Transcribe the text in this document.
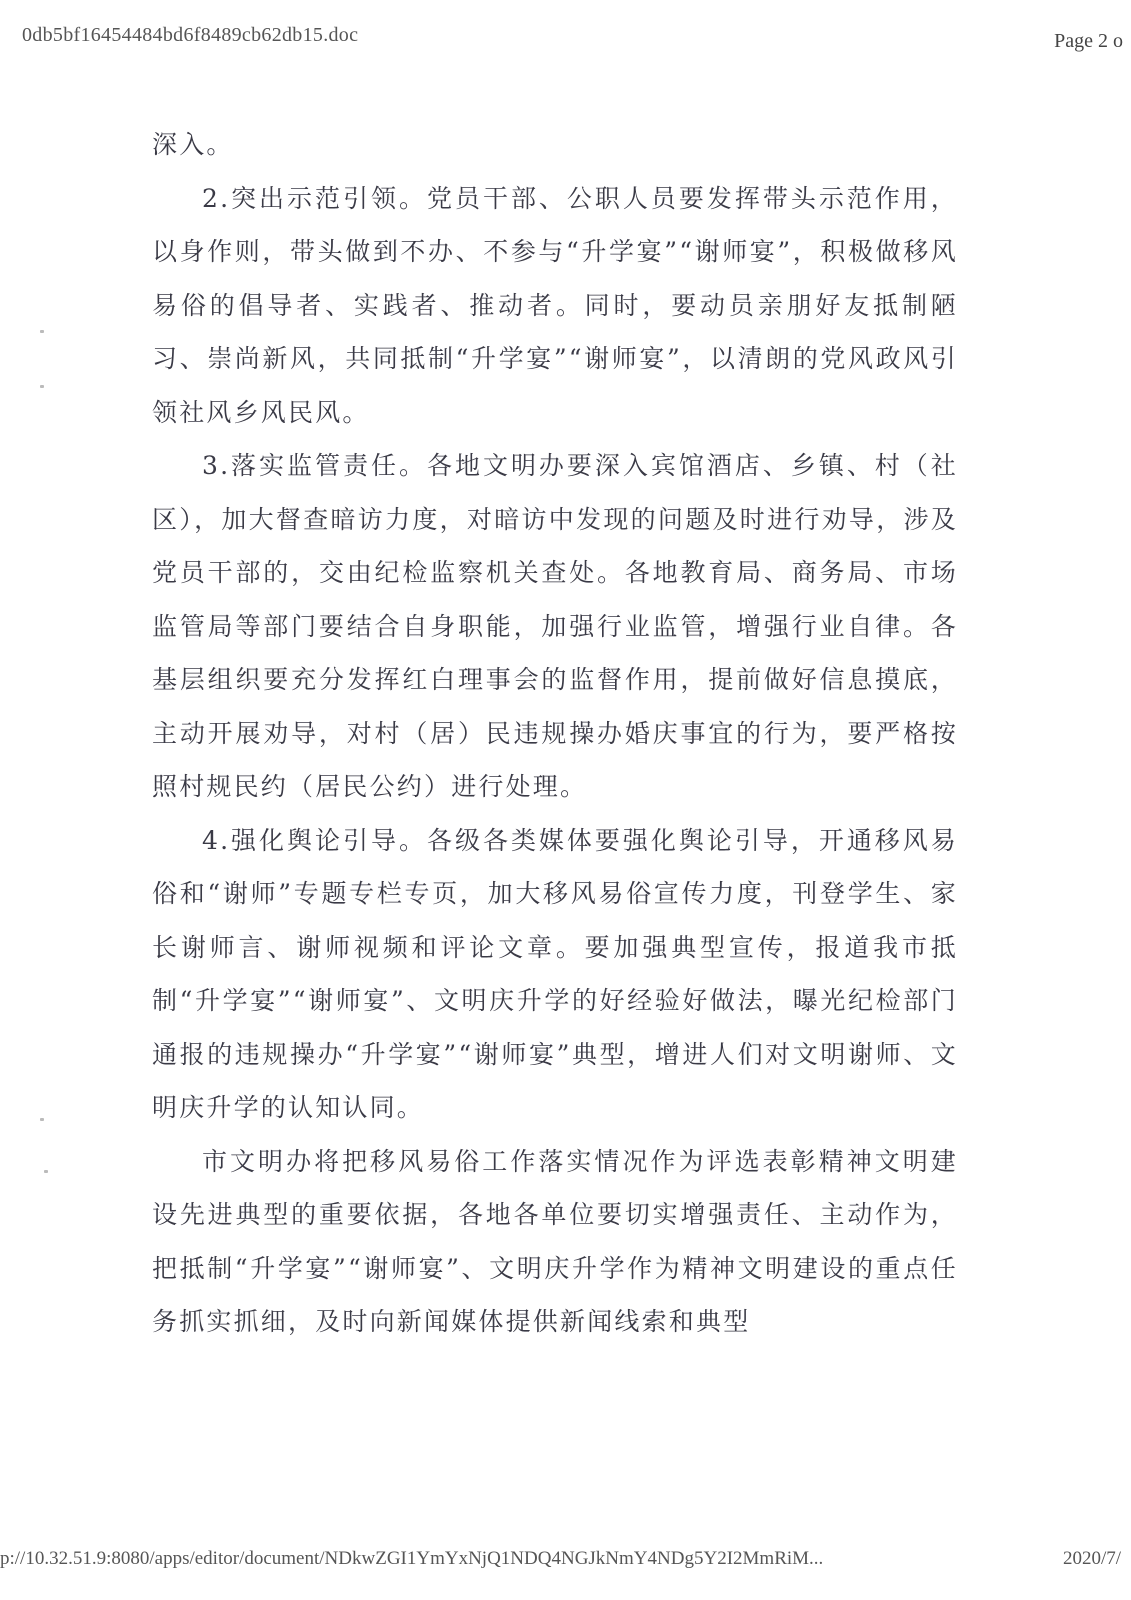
0db5bf16454484bd6f8489cb62db15.doc	Page 2 o

深入。

2.突出示范引领。党员干部、公职人员要发挥带头示范作用，以身作则，带头做到不办、不参与“升学宴”“谢师宴”，积极做移风易俗的倡导者、实践者、推动者。同时，要动员亲朋好友抵制陋习、崇尚新风，共同抵制“升学宴”“谢师宴”，以清朗的党风政风引领社风乡风民风。

3.落实监管责任。各地文明办要深入宾馆酒店、乡镇、村（社区），加大督查暗访力度，对暗访中发现的问题及时进行劝导，涉及党员干部的，交由纪检监察机关查处。各地教育局、商务局、市场监管局等部门要结合自身职能，加强行业监管，增强行业自律。各基层组织要充分发挥红白理事会的监督作用，提前做好信息摸底，主动开展劝导，对村（居）民违规操办婚庆事宜的行为，要严格按照村规民约（居民公约）进行处理。

4.强化舆论引导。各级各类媒体要强化舆论引导，开通移风易俗和“谢师”专题专栏专页，加大移风易俗宣传力度，刊登学生、家长谢师言、谢师视频和评论文章。要加强典型宣传，报道我市抵制“升学宴”“谢师宴”、文明庆升学的好经验好做法，曝光纪检部门通报的违规操办“升学宴”“谢师宴”典型，增进人们对文明谢师、文明庆升学的认知认同。

市文明办将把移风易俗工作落实情况作为评选表彰精神文明建设先进典型的重要依据，各地各单位要切实增强责任、主动作为，把抵制“升学宴”“谢师宴”、文明庆升学作为精神文明建设的重点任务抓实抓细，及时向新闻媒体提供新闻线索和典型

p://10.32.51.9:8080/apps/editor/document/NDkwZGI1YmYxNjQ1NDQ4NGJkNmY4NDg5Y2I2MmRiM...	2020/7/
